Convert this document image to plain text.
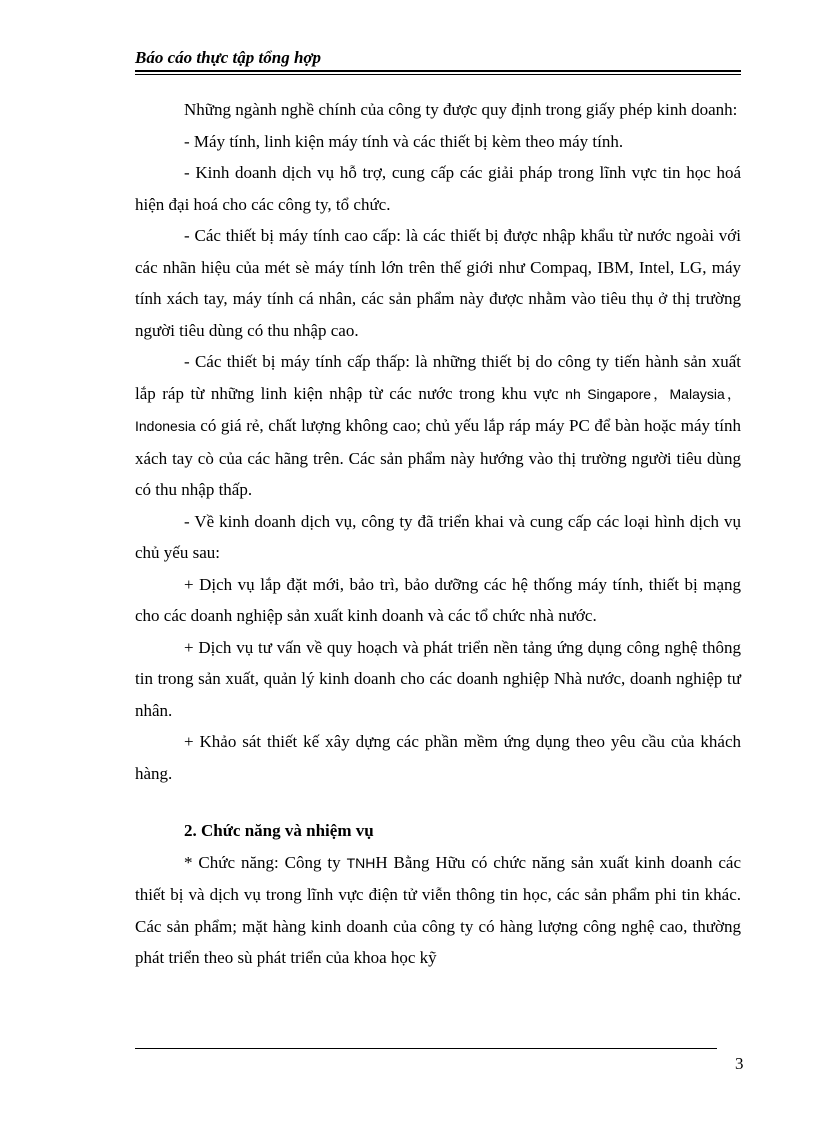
Báo cáo thực tập tổng hợp

Những ngành nghề chính của công ty được quy định trong giấy phép kinh doanh:

- Máy tính, linh kiện máy tính và các thiết bị kèm theo máy tính.

- Kinh doanh dịch vụ hỗ trợ, cung cấp các giải pháp trong lĩnh vực tin học hoá hiện đại hoá cho các công ty, tổ chức.

- Các thiết bị máy tính cao cấp: là các thiết bị được nhập khẩu từ nước ngoài với các nhãn hiệu của mét sè máy tính lớn trên thế giới như Compaq, IBM, Intel, LG, máy tính xách tay, máy tính cá nhân, các sản phẩm này được nhằm vào tiêu thụ ở thị trường người tiêu dùng có thu nhập cao.

- Các thiết bị máy tính cấp thấp: là những thiết bị do công ty tiến hành sản xuất lắp ráp từ những linh kiện nhập từ các nước trong khu vực nh Singapore，Malaysia，Indonesia có giá rẻ, chất lượng không cao; chủ yếu lắp ráp máy PC để bàn hoặc máy tính xách tay cò của các hãng trên. Các sản phẩm này hướng vào thị trường người tiêu dùng có thu nhập thấp.

- Về kinh doanh dịch vụ, công ty đã triển khai và cung cấp các loại hình dịch vụ chủ yếu sau:

+ Dịch vụ lắp đặt mới, bảo trì, bảo dưỡng các hệ thống máy tính, thiết bị mạng cho các doanh nghiệp sản xuất kinh doanh và các tổ chức nhà nước.

+ Dịch vụ tư vấn về quy hoạch và phát triển nền tảng ứng dụng công nghệ thông tin trong sản xuất, quản lý kinh doanh cho các doanh nghiệp Nhà nước, doanh nghiệp tư nhân.

+ Khảo sát thiết kế xây dựng các phần mềm ứng dụng theo yêu cầu của khách hàng.

2. Chức năng và nhiệm vụ

* Chức năng: Công ty TNHH Bằng Hữu có chức năng sản xuất kinh doanh các thiết bị và dịch vụ trong lĩnh vực điện tử viễn thông tin học, các sản phẩm phi tin khác. Các sản phẩm; mặt hàng kinh doanh của công ty có hàng lượng công nghệ cao, thường phát triển theo sù phát triển của khoa học kỹ

3
